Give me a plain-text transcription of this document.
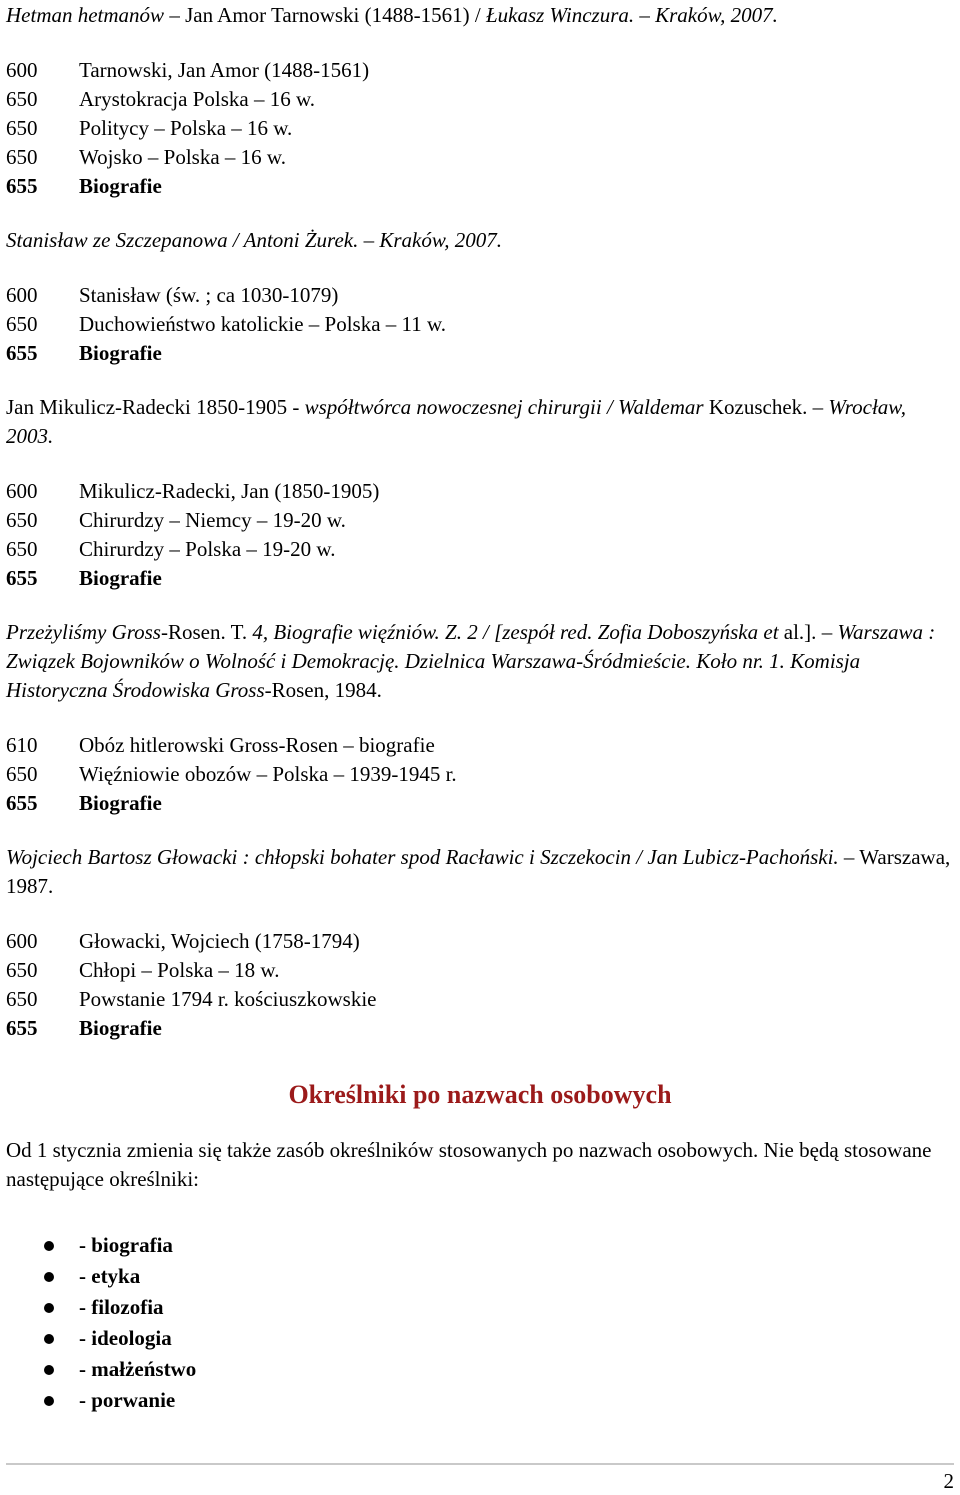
Hetman hetmanów – Jan Amor Tarnowski (1488-1561) / Łukasz Winczura. – Kraków, 2007.

600 Tarnowski, Jan Amor (1488-1561)
650 Arystokracja Polska – 16 w.
650 Politycy – Polska – 16 w.
650 Wojsko – Polska – 16 w.
655 Biografie

Stanisław ze Szczepanowa / Antoni Żurek. – Kraków, 2007.

600 Stanisław (św. ; ca 1030-1079)
650 Duchowieństwo katolickie – Polska – 11 w.
655 Biografie

Jan Mikulicz-Radecki 1850-1905 - współtwórca nowoczesnej chirurgii / Waldemar Kozuschek. – Wrocław, 2003.

600 Mikulicz-Radecki, Jan (1850-1905)
650 Chirurdzy – Niemcy – 19-20 w.
650 Chirurdzy – Polska – 19-20 w.
655 Biografie

Przeżyliśmy Gross-Rosen. T. 4, Biografie więźniów. Z. 2 / [zespół red. Zofia Doboszyńska et al.]. – Warszawa : Związek Bojowników o Wolność i Demokrację. Dzielnica Warszawa-Śródmieście. Koło nr. 1. Komisja Historyczna Środowiska Gross-Rosen, 1984.

610 Obóz hitlerowski Gross-Rosen – biografie
650 Więźniowie obozów – Polska – 1939-1945 r.
655 Biografie

Wojciech Bartosz Głowacki : chłopski bohater spod Racławic i Szczekocin / Jan Lubicz-Pachoński. – Warszawa, 1987.

600 Głowacki, Wojciech (1758-1794)
650 Chłopi – Polska – 18 w.
650 Powstanie 1794 r. kościuszkowskie
655 Biografie
Określniki po nazwach osobowych

Od 1 stycznia zmienia się także zasób określników stosowanych po nazwach osobowych. Nie będą stosowane następujące określniki:

- biografia
- etyka
- filozofia
- ideologia
- małżeństwo
- porwanie
2
